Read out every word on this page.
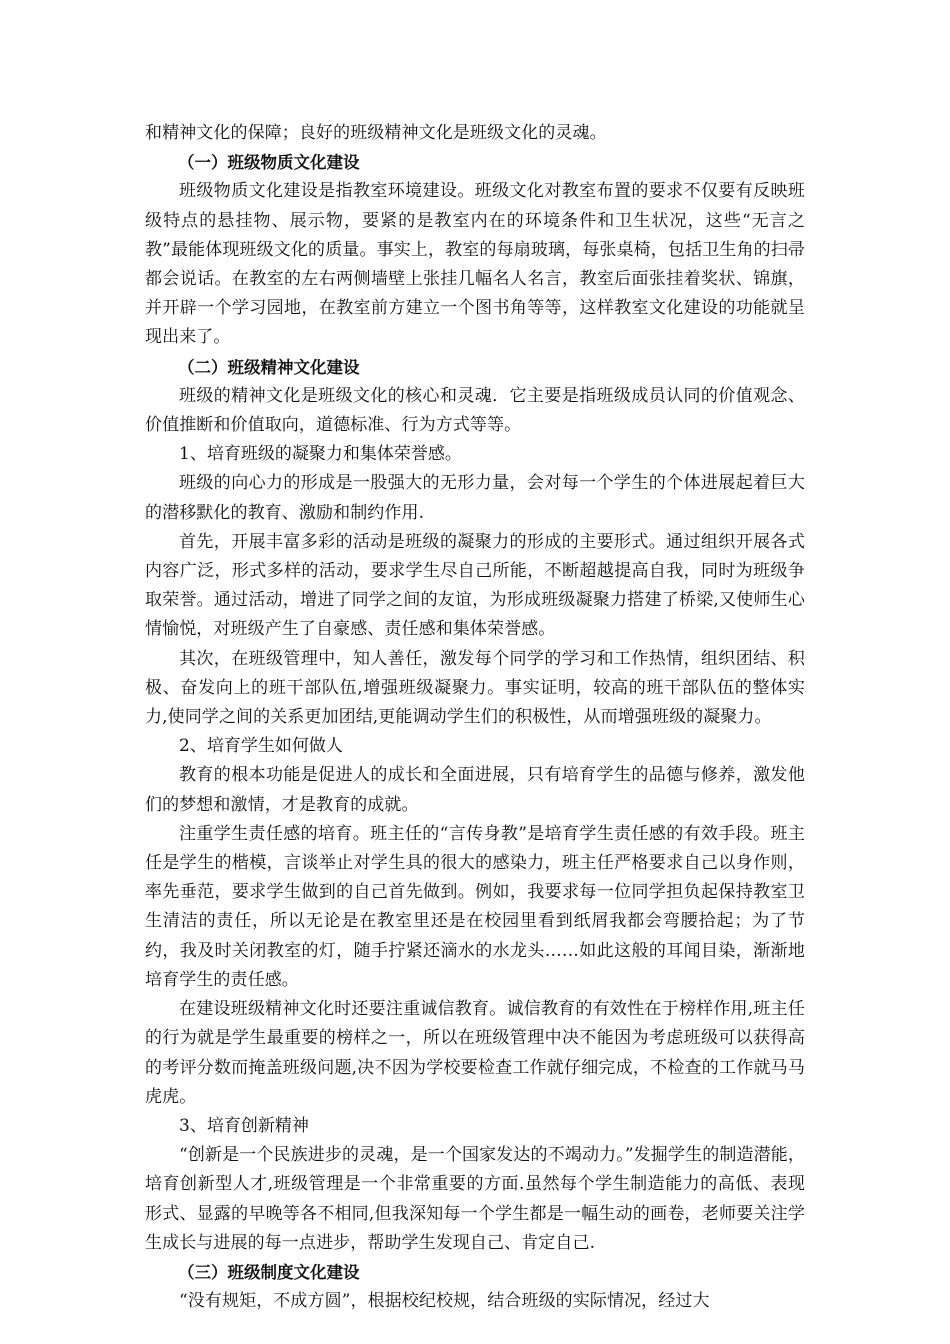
和精神文化的保障；良好的班级精神文化是班级文化的灵魂。

（一）班级物质文化建设

班级物质文化建设是指教室环境建设。班级文化对教室布置的要求不仅要有反映班级特点的悬挂物、展示物，要紧的是教室内在的环境条件和卫生状况，这些“无言之教”最能体现班级文化的质量。事实上，教室的每扇玻璃，每张桌椅，包括卫生角的扫帚都会说话。在教室的左右两侧墙壁上张挂几幅名人名言，教室后面张挂着奖状、锦旗，并开辟一个学习园地，在教室前方建立一个图书角等等，这样教室文化建设的功能就呈现出来了。

（二）班级精神文化建设

班级的精神文化是班级文化的核心和灵魂．它主要是指班级成员认同的价值观念、价值推断和价值取向，道德标准、行为方式等等。

1、培育班级的凝聚力和集体荣誉感。

班级的向心力的形成是一股强大的无形力量，会对每一个学生的个体进展起着巨大的潜移默化的教育、激励和制约作用.

首先，开展丰富多彩的活动是班级的凝聚力的形成的主要形式。通过组织开展各式内容广泛，形式多样的活动，要求学生尽自己所能，不断超越提高自我，同时为班级争取荣誉。通过活动，增进了同学之间的友谊，为形成班级凝聚力搭建了桥梁,又使师生心情愉悦，对班级产生了自豪感、责任感和集体荣誉感。

其次，在班级管理中，知人善任，激发每个同学的学习和工作热情，组织团结、积极、奋发向上的班干部队伍,增强班级凝聚力。事实证明，较高的班干部队伍的整体实力,使同学之间的关系更加团结,更能调动学生们的积极性，从而增强班级的凝聚力。

2、培育学生如何做人

教育的根本功能是促进人的成长和全面进展，只有培育学生的品德与修养，激发他们的梦想和激情，才是教育的成就。

注重学生责任感的培育。班主任的“言传身教”是培育学生责任感的有效手段。班主任是学生的楷模，言谈举止对学生具的很大的感染力，班主任严格要求自己以身作则，率先垂范，要求学生做到的自己首先做到。例如，我要求每一位同学担负起保持教室卫生清洁的责任，所以无论是在教室里还是在校园里看到纸屑我都会弯腰拾起；为了节约，我及时关闭教室的灯，随手拧紧还滴水的水龙头……如此这般的耳闻目染，渐渐地培育学生的责任感。

在建设班级精神文化时还要注重诚信教育。诚信教育的有效性在于榜样作用,班主任的行为就是学生最重要的榜样之一，所以在班级管理中决不能因为考虑班级可以获得高的考评分数而掩盖班级问题,决不因为学校要检查工作就仔细完成，不检查的工作就马马虎虎。

3、培育创新精神

“创新是一个民族进步的灵魂，是一个国家发达的不竭动力。”发掘学生的制造潜能，培育创新型人才,班级管理是一个非常重要的方面.虽然每个学生制造能力的高低、表现形式、显露的早晚等各不相同,但我深知每一个学生都是一幅生动的画卷，老师要关注学生成长与进展的每一点进步，帮助学生发现自己、肯定自己.

（三）班级制度文化建设

“没有规矩，不成方圆”，根据校纪校规，结合班级的实际情况，经过大
